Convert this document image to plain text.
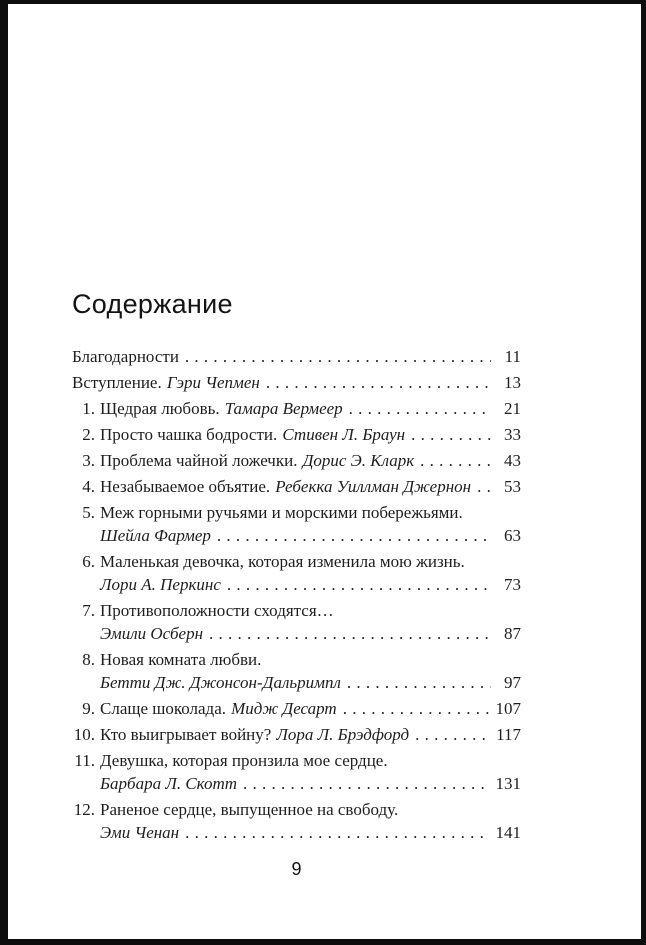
Содержание
Благодарности . . .	11
Вступление. Гэри Чепмен . . .	13
1. Щедрая любовь. Тамара Вермеер . . .	21
2. Просто чашка бодрости. Стивен Л. Браун . . .	33
3. Проблема чайной ложечки. Дорис Э. Кларк . . .	43
4. Незабываемое объятие. Ребекка Уиллман Джернон . . .	53
5. Меж горными ручьями и морскими побережьями.
Шейла Фармер . . .	63
6. Маленькая девочка, которая изменила мою жизнь.
Лори А. Перкинс . . .	73
7. Противоположности сходятся…
Эмили Осберн . . .	87
8. Новая комната любви.
Бетти Дж. Джонсон-Дальримпл . . .	97
9. Слаще шоколада. Мидж Десарт . . .	107
10. Кто выигрывает войну? Лора Л. Брэдфорд . . .	117
11. Девушка, которая пронзила мое сердце.
Барбара Л. Скотт . . .	131
12. Раненое сердце, выпущенное на свободу.
Эми Ченан . . .	141
9
